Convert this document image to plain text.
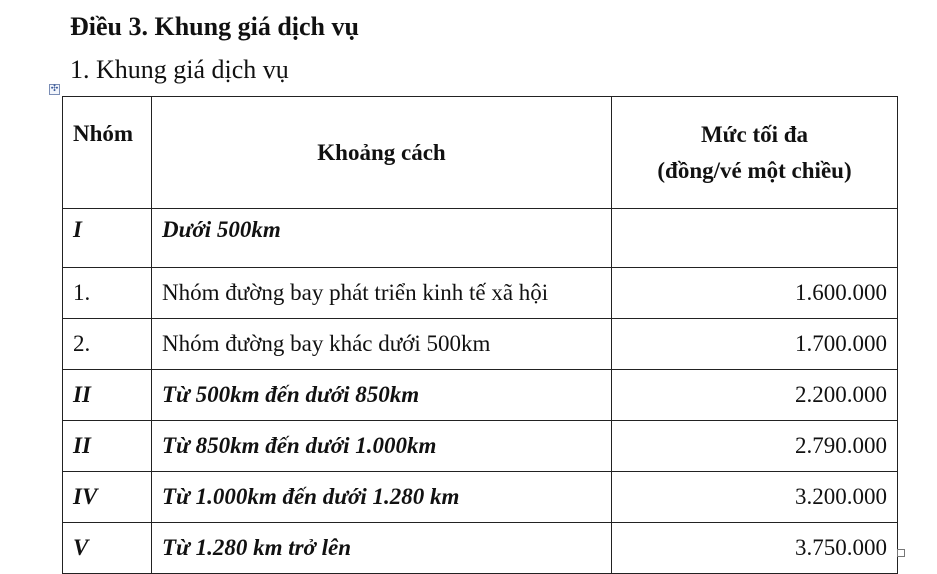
Điều 3. Khung giá dịch vụ
1. Khung giá dịch vụ
✣
Nhóm	Khoảng cách	Mức tối đa
(đồng/vé một chiều)

I	Dưới 500km	
1.	Nhóm đường bay phát triển kinh tế xã hội	1.600.000
2.	Nhóm đường bay khác dưới 500km	1.700.000
II	Từ 500km đến dưới 850km	2.200.000
II	Từ 850km đến dưới 1.000km	2.790.000
IV	Từ 1.000km đến dưới 1.280 km	3.200.000
V	Từ 1.280 km trở lên	3.750.000
